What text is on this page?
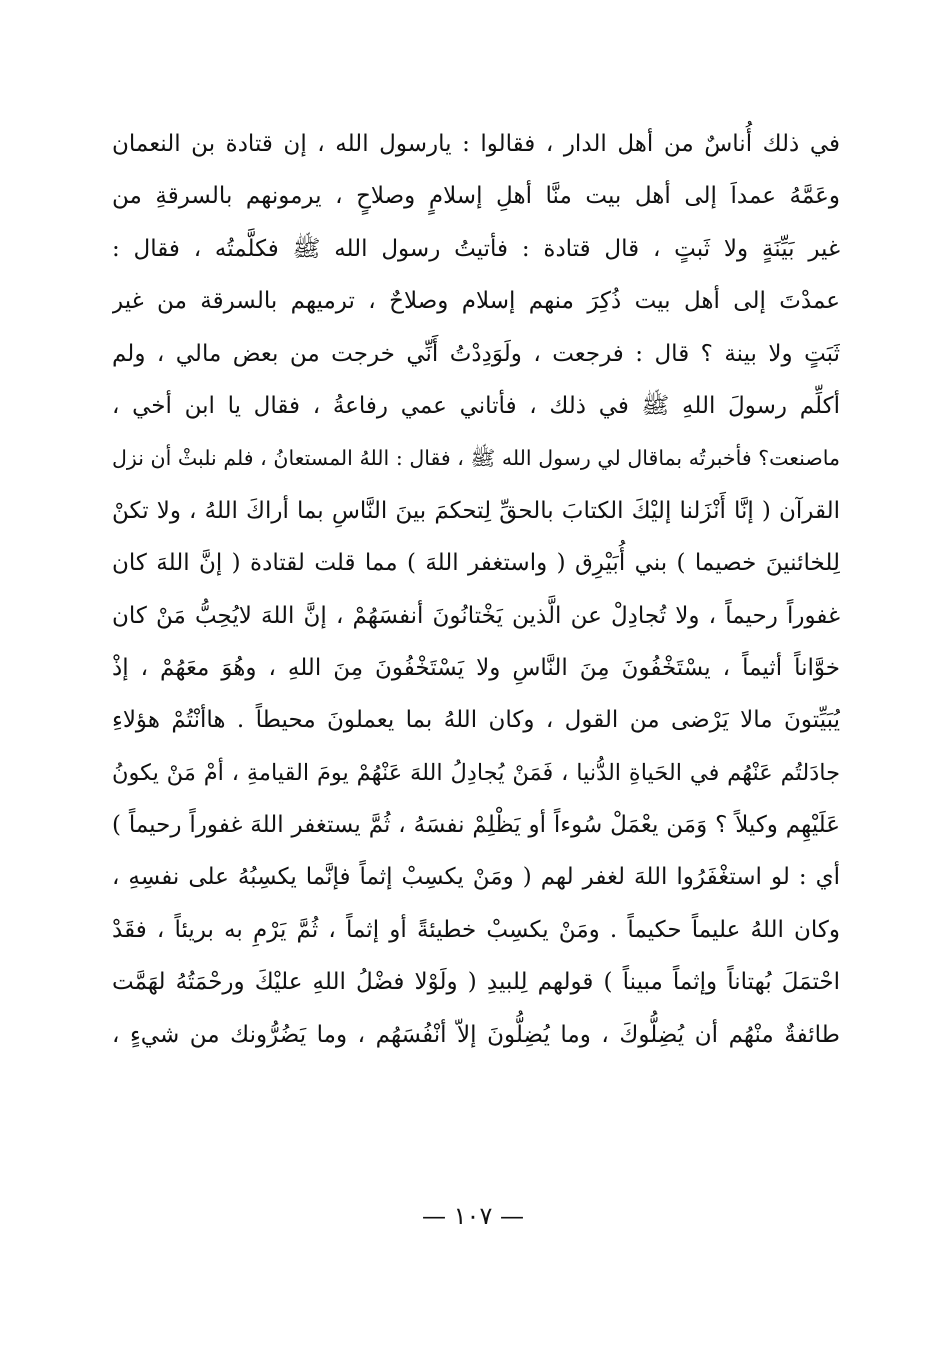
في ذلك أُناسٌ من أهل الدار ، فقالوا : يارسول الله ، إن قتادة بن النعمان
وعَمَّهُ عمداَ إلى أهل بيت منَّا أهلِ إسلامٍ وصلاحٍ ، يرمونهم بالسرقةِ من
غير بَيِّنَةٍ ولا ثَبتٍ ، قال قتادة : فأتيتُ رسول الله ﷺ فكلَّمتُه ، فقال :
عمدْتَ إلى أهل بيت ذُكِرَ منهم إسلام وصلاحٌ ، ترميهم بالسرقة من غير
ثَبَتٍ ولا بينة ؟ قال : فرجعت ، ولَوَدِدْتُ أَنِّي خرجت من بعض مالي ، ولم
أكلِّم رسولَ اللهِ ﷺ في ذلك ، فأتاني عمي رفاعةُ ، فقال يا ابن أخي ،
ماصنعت؟ فأخبرتُه بماقال لي رسول الله ﷺ ، فقال : اللهُ المستعانُ ، فلم نلبثْ أن نزل
القرآن ( إنَّا أَنْزَلنا إليْكَ الكتابَ بالحقِّ لِتحكمَ بينَ النَّاسِ بما أراكَ اللهُ ، ولا تكنْ
لِلخائنينَ خصيما ) بني أُبَيْرِق ( واستغفر اللهَ ) مما قلت لقتادة ( إنَّ اللهَ كان
غفوراً رحيماً ، ولا تُجادِلْ عن الَّذين يَخْتانُونَ أنفسَهُمْ ، إنَّ اللهَ لايُحِبُّ مَنْ كان
خوَّاناً أثيماً ، يسْتَخْفُونَ مِنَ النَّاسِ ولا يَسْتَخْفُونَ مِنَ اللهِ ، وهُوَ معَهُمْ ، إذْ
يُبَيِّتونَ مالا يَرْضى من القول ، وكان اللهُ بما يعملونَ محيطاً . هاأنْتُمْ هؤلاءِ
جادَلتُم عَنْهُم في الحَياةِ الدُّنيا ، فَمَنْ يُجادِلُ اللهَ عَنْهُمْ يومَ القيامةِ ، أمْ مَنْ يكونُ
عَلَيْهِم وكيلاً ؟ وَمَن يعْمَلْ سُوءاً أو يَظْلِمْ نفسَهُ ، ثُمَّ يستغفر اللهَ غفوراً رحيماً )
أي : لو استغْفَرُوا اللهَ لغفر لهم ( ومَنْ يكسِبْ إثماً فإنَّما يكسِبُهُ على نفسِهِ ،
وكان اللهُ عليماً حكيماً . ومَنْ يكسِبْ خطيئةً أو إثماً ، ثُمَّ يَرْمِ به بريئاً ، فقَدْ
احْتمَلَ بُهتاناً وإثماً مبيناً ) قولهم لِلبيدِ ( ولَوْلا فضْلُ اللهِ عليْكَ ورحْمَتُهُ لهَمَّت
طائفةٌ منْهُم أن يُضِلُّوكَ ، وما يُضِلُّونَ إلاّ أنْفُسَهُم ، وما يَضُرُّونك من شيءٍ ،
— ١٠٧ —
